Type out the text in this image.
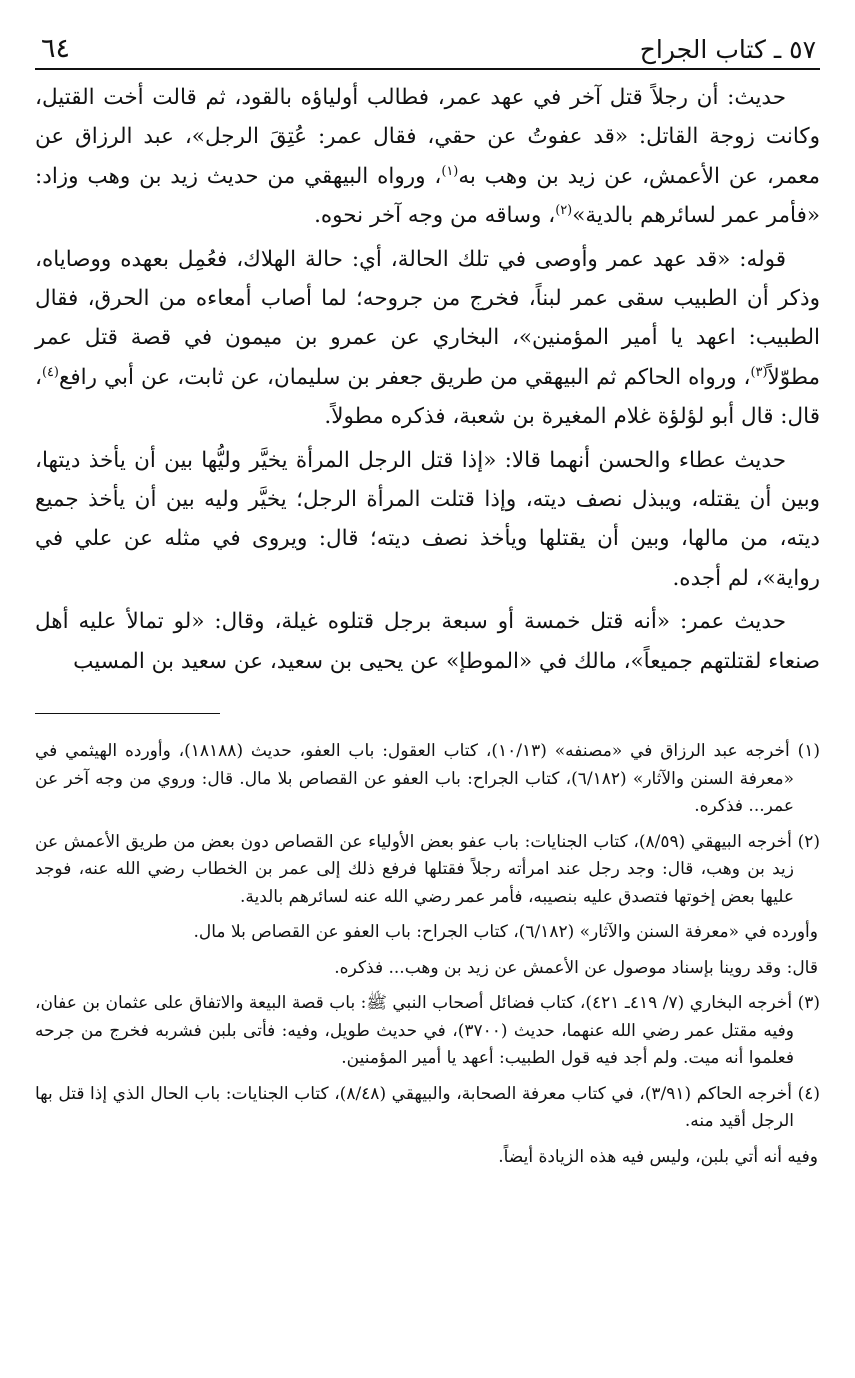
٦٤	٥٧ ـ كتاب الجراح

حديث: أن رجلاً قتل آخر في عهد عمر، فطالب أولياؤه بالقود، ثم قالت أخت القتيل، وكانت زوجة القاتل: «قد عفوتُ عن حقي، فقال عمر: عُتِقَ الرجل»، عبد الرزاق عن معمر، عن الأعمش، عن زيد بن وهب به$^{(١)}$، ورواه البيهقي من حديث زيد بن وهب وزاد: «فأمر عمر لسائرهم بالدية»$^{(٢)}$، وساقه من وجه آخر نحوه.

قوله: «قد عهد عمر وأوصى في تلك الحالة، أي: حالة الهلاك، فعُمِل بعهده ووصاياه، وذكر أن الطبيب سقى عمر لبناً، فخرج من جروحه؛ لما أصاب أمعاءه من الحرق، فقال الطبيب: اعهد يا أمير المؤمنين»، البخاري عن عمرو بن ميمون في قصة قتل عمر مطوّلاً$^{(٣)}$، ورواه الحاكم ثم البيهقي من طريق جعفر بن سليمان، عن ثابت، عن أبي رافع$^{(٤)}$، قال: قال أبو لؤلؤة غلام المغيرة بن شعبة، فذكره مطولاً.

حديث عطاء والحسن أنهما قالا: «إذا قتل الرجل المرأة يخيَّر وليُّها بين أن يأخذ ديتها، وبين أن يقتله، ويبذل نصف ديته، وإذا قتلت المرأة الرجل؛ يخيَّر وليه بين أن يأخذ جميع ديته، من مالها، وبين أن يقتلها ويأخذ نصف ديته؛ قال: ويروى في مثله عن علي في رواية»، لم أجده.

حديث عمر: «أنه قتل خمسة أو سبعة برجل قتلوه غيلة، وقال: «لو تمالأ عليه أهل صنعاء لقتلتهم جميعاً»، مالك في «الموطإ» عن يحيى بن سعيد، عن سعيد بن المسيب

(١) أخرجه عبد الرزاق في «مصنفه» (١٠/١٣)، كتاب العقول: باب العفو، حديث (١٨١٨٨)، وأورده الهيثمي في «معرفة السنن والآثار» (٦/١٨٢)، كتاب الجراح: باب العفو عن القصاص بلا مال. قال: وروي من وجه آخر عن عمر... فذكره.

(٢) أخرجه البيهقي (٨/٥٩)، كتاب الجنايات: باب عفو بعض الأولياء عن القصاص دون بعض من طريق الأعمش عن زيد بن وهب، قال: وجد رجل عند امرأته رجلاً فقتلها فرفع ذلك إلى عمر بن الخطاب رضي الله عنه، فوجد عليها بعض إخوتها فتصدق عليه بنصيبه، فأمر عمر رضي الله عنه لسائرهم بالدية.

وأورده في «معرفة السنن والآثار» (٦/١٨٢)، كتاب الجراح: باب العفو عن القصاص بلا مال.

قال: وقد روينا بإسناد موصول عن الأعمش عن زيد بن وهب... فذكره.

(٣) أخرجه البخاري (٧/ ٤١٩ـ ٤٢١)، كتاب فضائل أصحاب النبي ﷺ: باب قصة البيعة والاتفاق على عثمان بن عفان، وفيه مقتل عمر رضي الله عنهما، حديث (٣٧٠٠)، في حديث طويل، وفيه: فأتى بلبن فشربه فخرج من جرحه فعلموا أنه ميت. ولم أجد فيه قول الطبيب: أعهد يا أمير المؤمنين.

(٤) أخرجه الحاكم (٣/٩١)، في كتاب معرفة الصحابة، والبيهقي (٨/٤٨)، كتاب الجنايات: باب الحال الذي إذا قتل بها الرجل أقيد منه.

وفيه أنه أتي بلبن، وليس فيه هذه الزيادة أيضاً.
